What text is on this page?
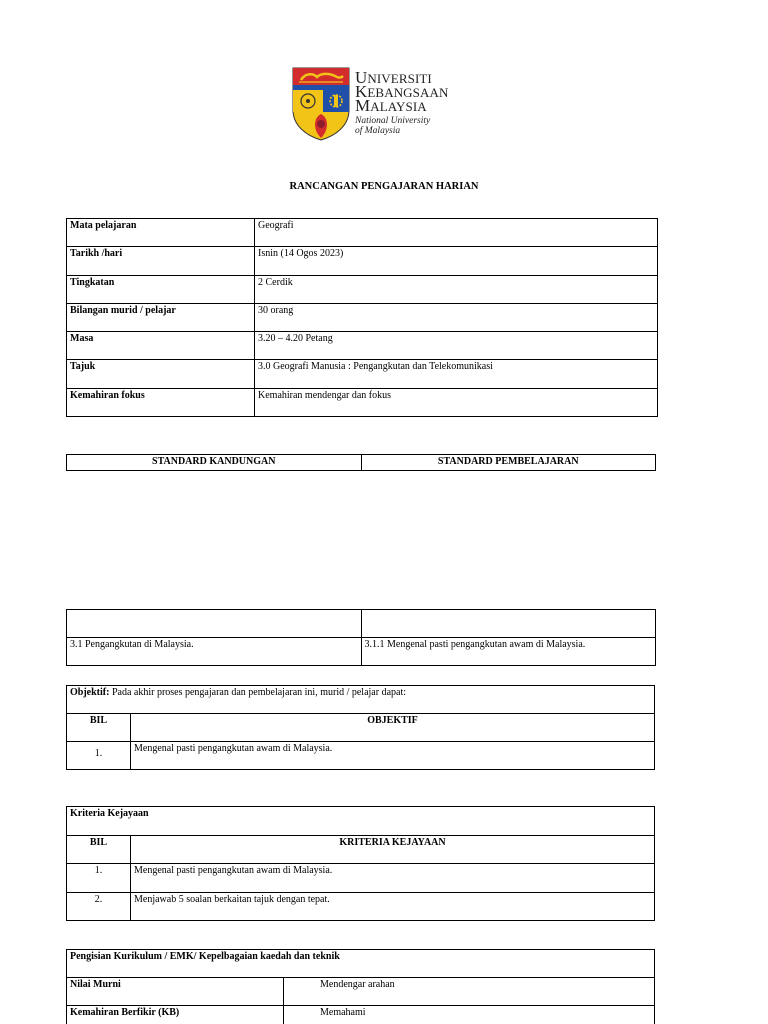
UNIVERSITI
KEBANGSAAN
MALAYSIA
National University
of Malaysia
RANCANGAN PENGAJARAN HARIAN
Mata pelajaran	Geografi
Tarikh /hari	Isnin (14 Ogos 2023)
Tingkatan	2 Cerdik
Bilangan murid / pelajar	30 orang
Masa	3.20 – 4.20 Petang
Tajuk	3.0 Geografi Manusia : Pengangkutan dan Telekomunikasi
Kemahiran fokus	Kemahiran mendengar dan fokus
STANDARD KANDUNGAN	STANDARD PEMBELAJARAN

3.1 Pengangkutan di Malaysia.	3.1.1 Mengenal pasti pengangkutan awam di Malaysia.
Objektif: Pada akhir proses pengajaran dan pembelajaran ini, murid / pelajar dapat:	
BIL	OBJEKTIF
1.	Mengenal pasti pengangkutan awam di Malaysia.
Kriteria Kejayaan	
BIL	KRITERIA KEJAYAAN
1.	Mengenal pasti pengangkutan awam di Malaysia.
2.	Menjawab 5 soalan berkaitan tajuk dengan tepat.
Pengisian Kurikulum / EMK/ Kepelbagaian kaedah dan teknik	
Nilai Murni	Mendengar arahan
Kemahiran Berfikir (KB)	Memahami
